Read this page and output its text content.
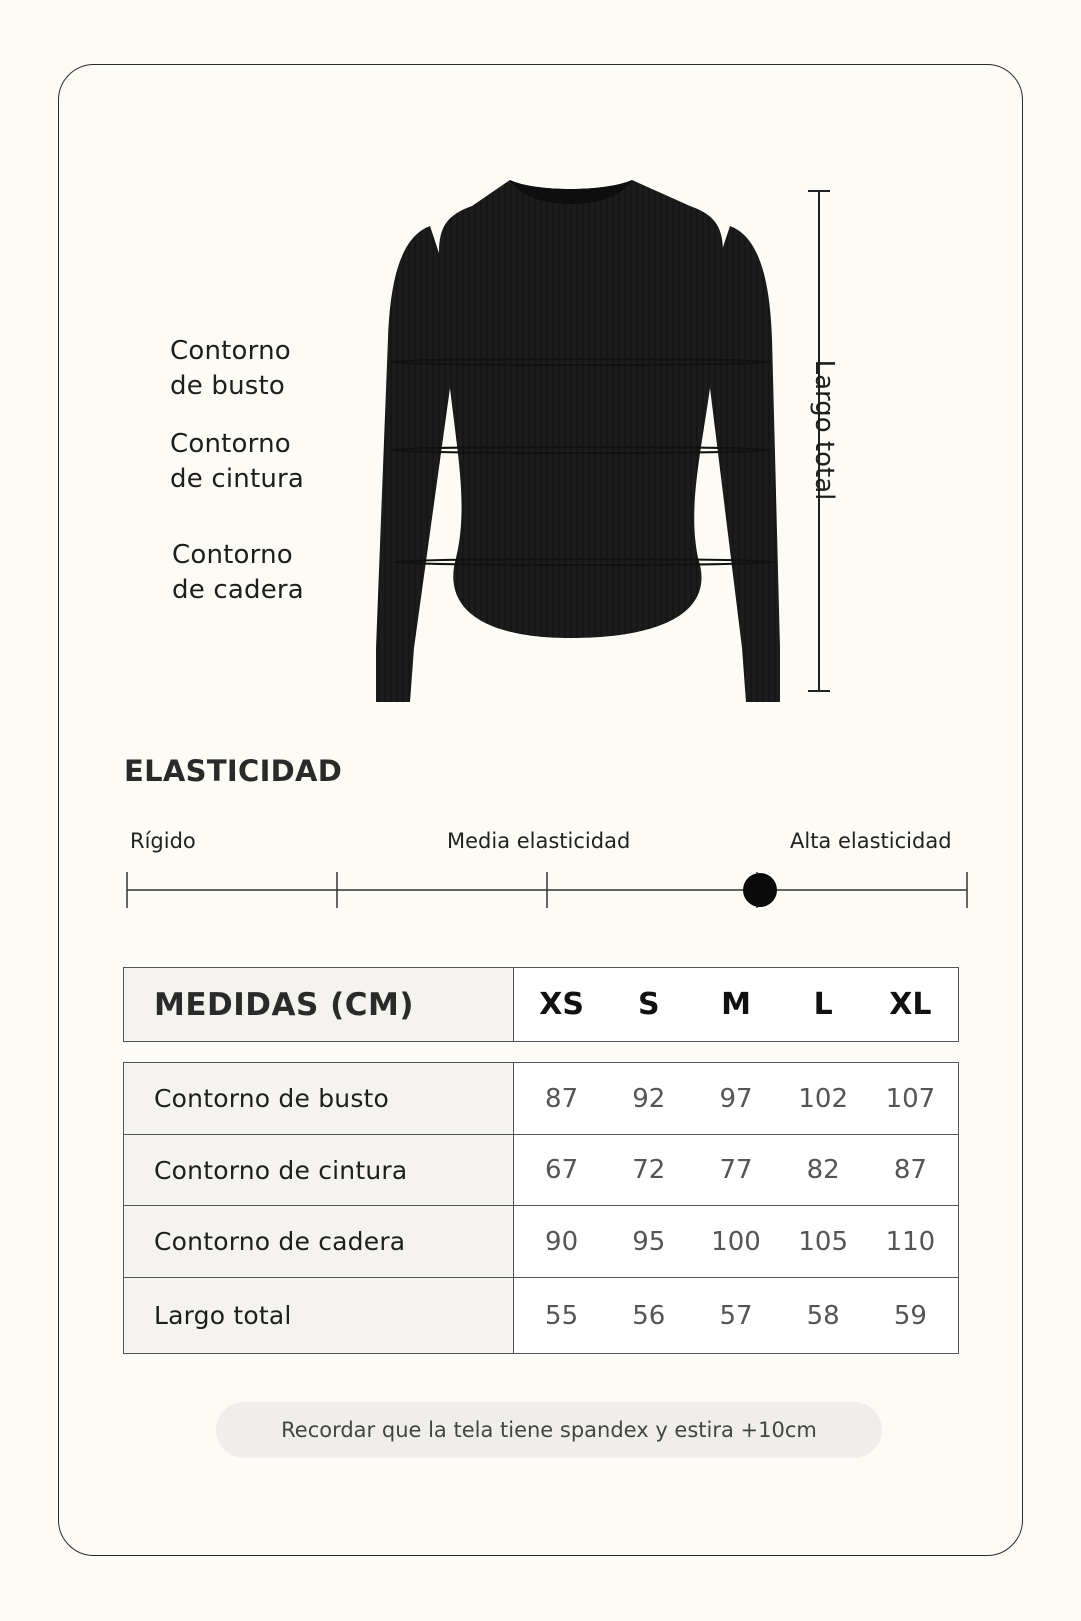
Contorno
de busto
Contorno
de cintura
Contorno
de cadera
Largo total
ELASTICIDAD
Rígido	Media elasticidad	Alta elasticidad
MEDIDAS (CM)	XS	S	M	L	XL
Contorno de busto	87	92	97	102	107
Contorno de cintura	67	72	77	82	87
Contorno de cadera	90	95	100	105	110
Largo total	55	56	57	58	59
Recordar que la tela tiene spandex y estira +10cm
